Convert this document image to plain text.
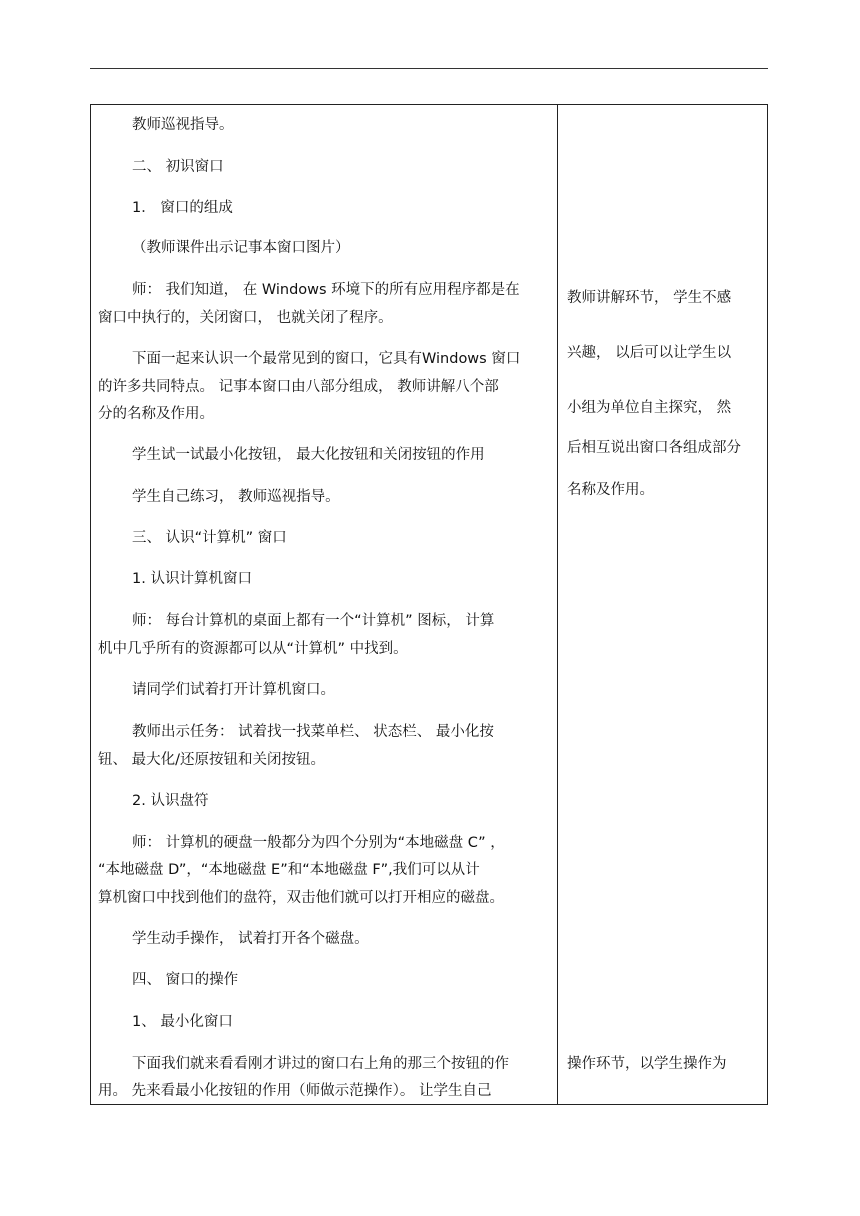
教师巡视指导。

二、 初识窗口

1． 窗口的组成

（教师课件出示记事本窗口图片）

师： 我们知道， 在 Windows 环境下的所有应用程序都是在

窗口中执行的，关闭窗口， 也就关闭了程序。

下面一起来认识一个最常见到的窗口，它具有Windows 窗口

的许多共同特点。 记事本窗口由八部分组成， 教师讲解八个部

分的名称及作用。

学生试一试最小化按钮， 最大化按钮和关闭按钮的作用

学生自己练习， 教师巡视指导。

三、 认识“计算机” 窗口

1. 认识计算机窗口

师： 每台计算机的桌面上都有一个“计算机” 图标， 计算

机中几乎所有的资源都可以从“计算机” 中找到。

请同学们试着打开计算机窗口。

教师出示任务： 试着找一找菜单栏、 状态栏、 最小化按

钮、 最大化/还原按钮和关闭按钮。

2. 认识盘符

师： 计算机的硬盘一般都分为四个分别为“本地磁盘 C” ，

“本地磁盘 D”，“本地磁盘 E”和“本地磁盘 F”,我们可以从计

算机窗口中找到他们的盘符，双击他们就可以打开相应的磁盘。

学生动手操作， 试着打开各个磁盘。

四、 窗口的操作

1、 最小化窗口

下面我们就来看看刚才讲过的窗口右上角的那三个按钮的作

用。 先来看最小化按钮的作用（师做示范操作）。 让学生自己

教师讲解环节， 学生不感

兴趣， 以后可以让学生以

小组为单位自主探究， 然

后相互说出窗口各组成部分

名称及作用。

操作环节，以学生操作为
